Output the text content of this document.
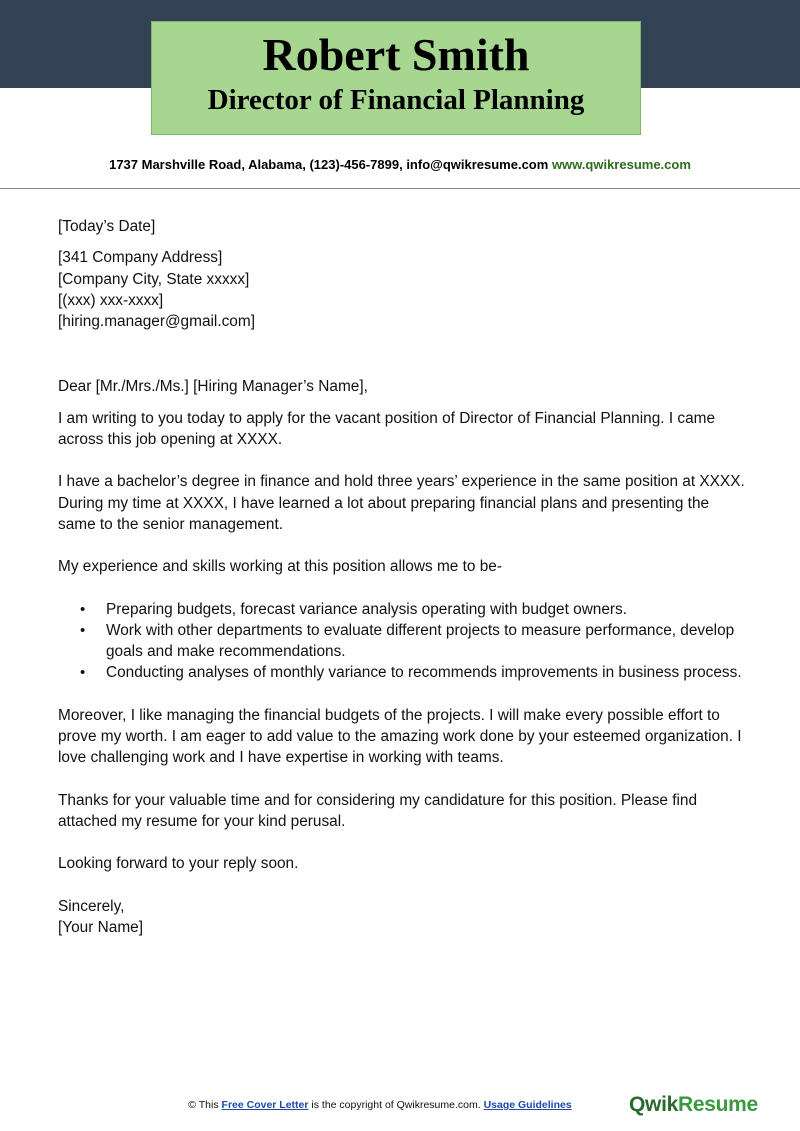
Robert Smith
Director of Financial Planning
1737 Marshville Road, Alabama, (123)-456-7899, info@qwikresume.com www.qwikresume.com

[Today’s Date]

[341 Company Address]

[Company City, State xxxxx]

[(xxx) xxx-xxxx]

[hiring.manager@gmail.com]

Dear [Mr./Mrs./Ms.] [Hiring Manager’s Name],

I am writing to you today to apply for the vacant position of Director of Financial Planning. I came across this job opening at XXXX.

I have a bachelor’s degree in finance and hold three years’ experience in the same position at XXXX. During my time at XXXX, I have learned a lot about preparing financial plans and presenting the same to the senior management.

My experience and skills working at this position allows me to be-

• Preparing budgets, forecast variance analysis operating with budget owners.
• Work with other departments to evaluate different projects to measure performance, develop goals and make recommendations.
• Conducting analyses of monthly variance to recommends improvements in business process.

Moreover, I like managing the financial budgets of the projects. I will make every possible effort to prove my worth. I am eager to add value to the amazing work done by your esteemed organization. I love challenging work and I have expertise in working with teams.

Thanks for your valuable time and for considering my candidature for this position. Please find attached my resume for your kind perusal.

Looking forward to your reply soon.

Sincerely,

[Your Name]

© This Free Cover Letter is the copyright of Qwikresume.com. Usage Guidelines	QwikResume
